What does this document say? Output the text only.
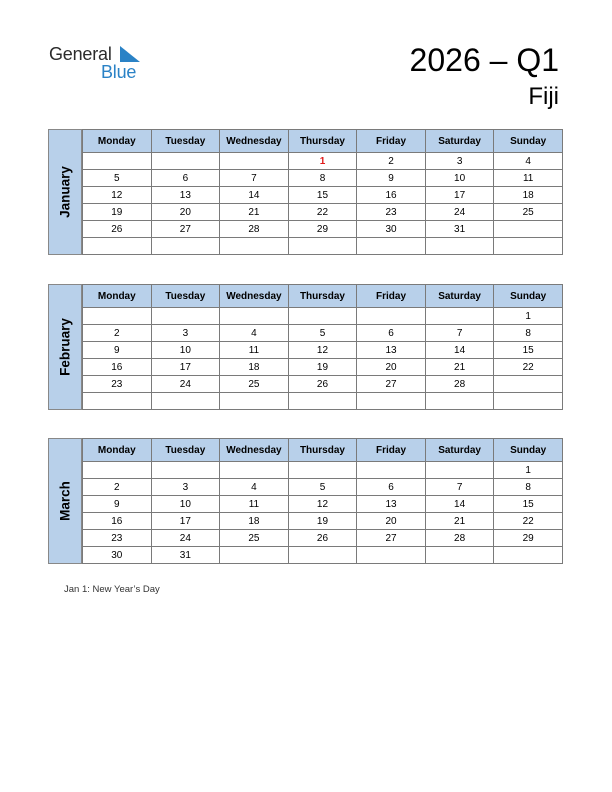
General
Blue	2026 – Q1
Fiji
January
Monday	Tuesday	Wednesday	Thursday	Friday	Saturday	Sunday
			1	2	3	4
5	6	7	8	9	10	11
12	13	14	15	16	17	18
19	20	21	22	23	24	25
26	27	28	29	30	31	

February
Monday	Tuesday	Wednesday	Thursday	Friday	Saturday	Sunday
						1
2	3	4	5	6	7	8
9	10	11	12	13	14	15
16	17	18	19	20	21	22
23	24	25	26	27	28	

March
Monday	Tuesday	Wednesday	Thursday	Friday	Saturday	Sunday
						1
2	3	4	5	6	7	8
9	10	11	12	13	14	15
16	17	18	19	20	21	22
23	24	25	26	27	28	29
30	31					
Jan 1: New Year’s Day
